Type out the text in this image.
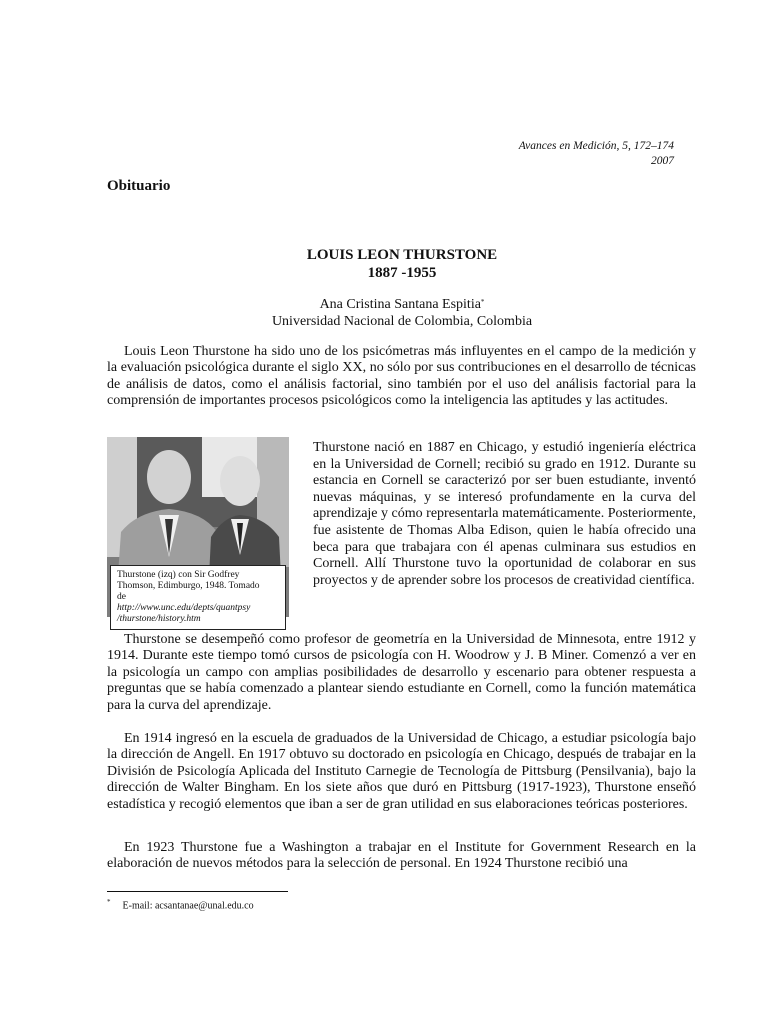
Avances en Medición, 5, 172–174
2007
Obituario
LOUIS LEON THURSTONE
1887 -1955
Ana Cristina Santana Espitia*
Universidad Nacional de Colombia, Colombia

Louis Leon Thurstone ha sido uno de los psicómetras más influyentes en el campo de la medición y la evaluación psicológica durante el siglo XX, no sólo por sus contribuciones en el desarrollo de técnicas de análisis de datos, como el análisis factorial, sino también por el uso del análisis factorial para la comprensión de importantes procesos psicológicos como la inteligencia las aptitudes y las actitudes.

Thurstone (izq) con Sir Godfrey
Thomson, Edimburgo, 1948. Tomado
de
http://www.unc.edu/depts/quantpsy
/thurstone/history.htm

Thurstone nació en 1887 en Chicago, y estudió ingeniería eléctrica en la Universidad de Cornell; recibió su grado en 1912. Durante su estancia en Cornell se caracterizó por ser buen estudiante, inventó nuevas máquinas, y se interesó profundamente en la curva del aprendizaje y cómo representarla matemáticamente. Posteriormente, fue asistente de Thomas Alba Edison, quien le había ofrecido una beca para que trabajara con él apenas culminara sus estudios en Cornell. Allí Thurstone tuvo la oportunidad de colaborar en sus proyectos y de aprender sobre los procesos de creatividad científica.

Thurstone se desempeñó como profesor de geometría en la Universidad de Minnesota, entre 1912 y 1914. Durante este tiempo tomó cursos de psicología con H. Woodrow y J. B Miner. Comenzó a ver en la psicología un campo con amplias posibilidades de desarrollo y escenario para obtener respuesta a preguntas que se había comenzado a plantear siendo estudiante en Cornell, como la función matemática para la curva del aprendizaje.

En 1914 ingresó en la escuela de graduados de la Universidad de Chicago, a estudiar psicología bajo la dirección de Angell. En 1917 obtuvo su doctorado en psicología en Chicago, después de trabajar en la División de Psicología Aplicada del Instituto Carnegie de Tecnología de Pittsburg (Pensilvania), bajo la dirección de Walter Bingham. En los siete años que duró en Pittsburg (1917-1923), Thurstone enseñó estadística y recogió elementos que iban a ser de gran utilidad en sus elaboraciones teóricas posteriores.

En 1923 Thurstone fue a Washington a trabajar en el Institute for Government Research en la elaboración de nuevos métodos para la selección de personal. En 1924 Thurstone recibió una

* E-mail: acsantanae@unal.edu.co
